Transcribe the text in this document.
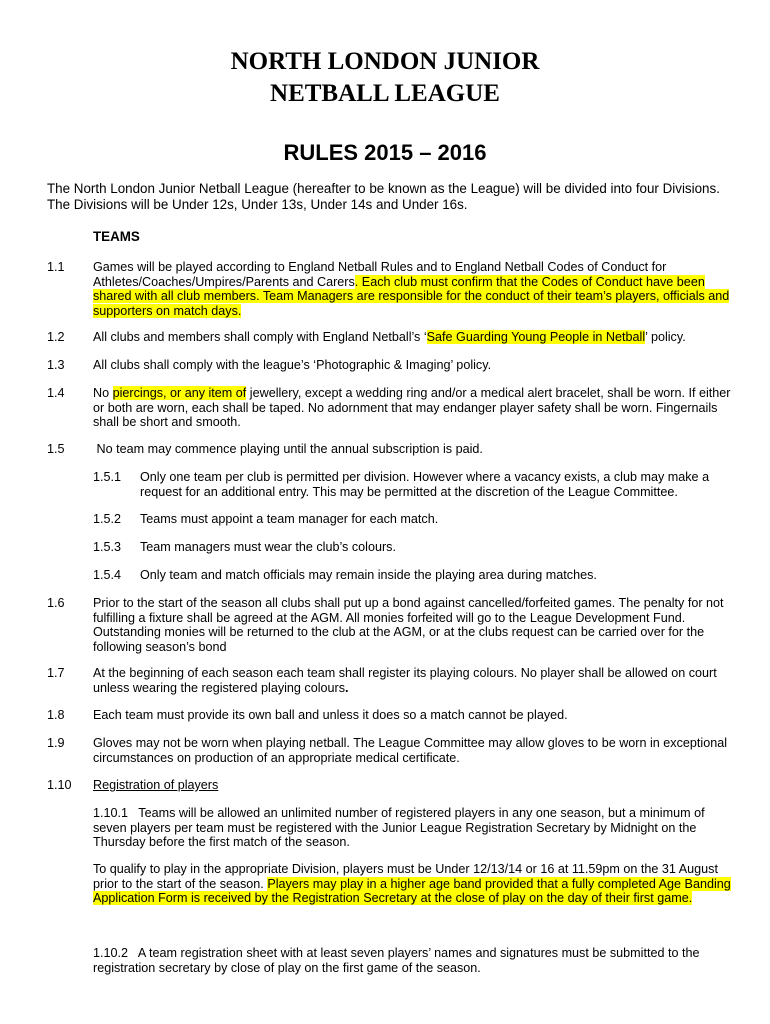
NORTH LONDON JUNIOR
NETBALL LEAGUE
RULES 2015 – 2016
The North London Junior Netball League (hereafter to be known as the League) will be divided into four Divisions. The Divisions will be Under 12s, Under 13s, Under 14s and Under 16s.
TEAMS
1.1 Games will be played according to England Netball Rules and to England Netball Codes of Conduct for Athletes/Coaches/Umpires/Parents and Carers. Each club must confirm that the Codes of Conduct have been shared with all club members. Team Managers are responsible for the conduct of their team’s players, officials and supporters on match days.
1.2 All clubs and members shall comply with England Netball’s ‘Safe Guarding Young People in Netball’ policy.
1.3 All clubs shall comply with the league’s ‘Photographic & Imaging’ policy.
1.4 No piercings, or any item of jewellery, except a wedding ring and/or a medical alert bracelet, shall be worn. If either or both are worn, each shall be taped. No adornment that may endanger player safety shall be worn. Fingernails shall be short and smooth.
1.5 No team may commence playing until the annual subscription is paid.
1.5.1 Only one team per club is permitted per division. However where a vacancy exists, a club may make a request for an additional entry. This may be permitted at the discretion of the League Committee.
1.5.2 Teams must appoint a team manager for each match.
1.5.3 Team managers must wear the club’s colours.
1.5.4 Only team and match officials may remain inside the playing area during matches.
1.6 Prior to the start of the season all clubs shall put up a bond against cancelled/forfeited games. The penalty for not fulfilling a fixture shall be agreed at the AGM. All monies forfeited will go to the League Development Fund. Outstanding monies will be returned to the club at the AGM, or at the clubs request can be carried over for the following season’s bond
1.7 At the beginning of each season each team shall register its playing colours. No player shall be allowed on court unless wearing the registered playing colours.
1.8 Each team must provide its own ball and unless it does so a match cannot be played.
1.9 Gloves may not be worn when playing netball. The League Committee may allow gloves to be worn in exceptional circumstances on production of an appropriate medical certificate.
1.10 Registration of players
1.10.1   Teams will be allowed an unlimited number of registered players in any one season, but a minimum of seven players per team must be registered with the Junior League Registration Secretary by Midnight on the Thursday before the first match of the season.
To qualify to play in the appropriate Division, players must be Under 12/13/14 or 16 at 11.59pm on the 31 August prior to the start of the season. Players may play in a higher age band provided that a fully completed Age Banding Application Form is received by the Registration Secretary at the close of play on the day of their first game.
1.10.2   A team registration sheet with at least seven players’ names and signatures must be submitted to the registration secretary by close of play on the first game of the season.
